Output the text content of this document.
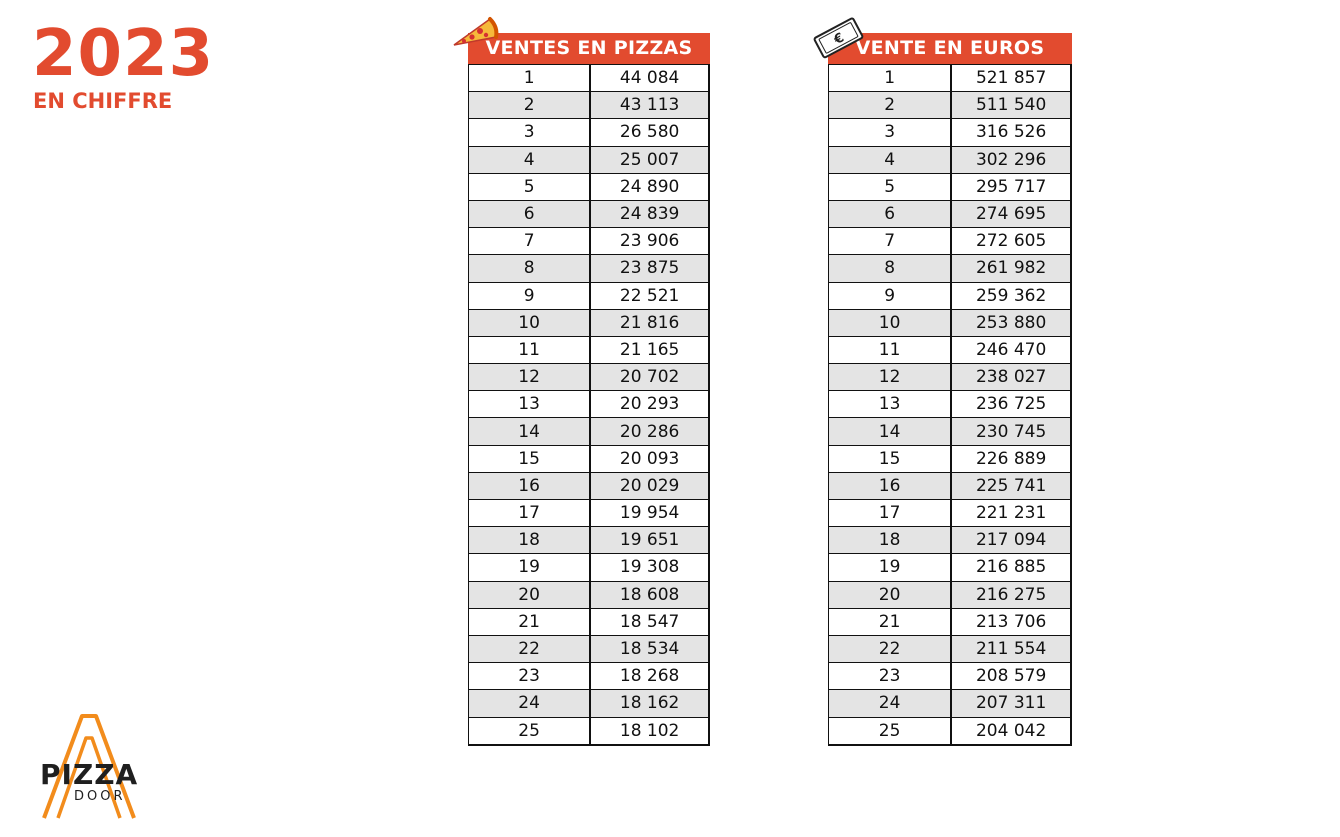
2023
EN CHIFFRE
VENTES EN PIZZAS
1	44 084
2	43 113
3	26 580
4	25 007
5	24 890
6	24 839
7	23 906
8	23 875
9	22 521
10	21 816
11	21 165
12	20 702
13	20 293
14	20 286
15	20 093
16	20 029
17	19 954
18	19 651
19	19 308
20	18 608
21	18 547
22	18 534
23	18 268
24	18 162
25	18 102
€ VENTE EN EUROS
1	521 857
2	511 540
3	316 526
4	302 296
5	295 717
6	274 695
7	272 605
8	261 982
9	259 362
10	253 880
11	246 470
12	238 027
13	236 725
14	230 745
15	226 889
16	225 741
17	221 231
18	217 094
19	216 885
20	216 275
21	213 706
22	211 554
23	208 579
24	207 311
25	204 042
PIZZA
DOOR
